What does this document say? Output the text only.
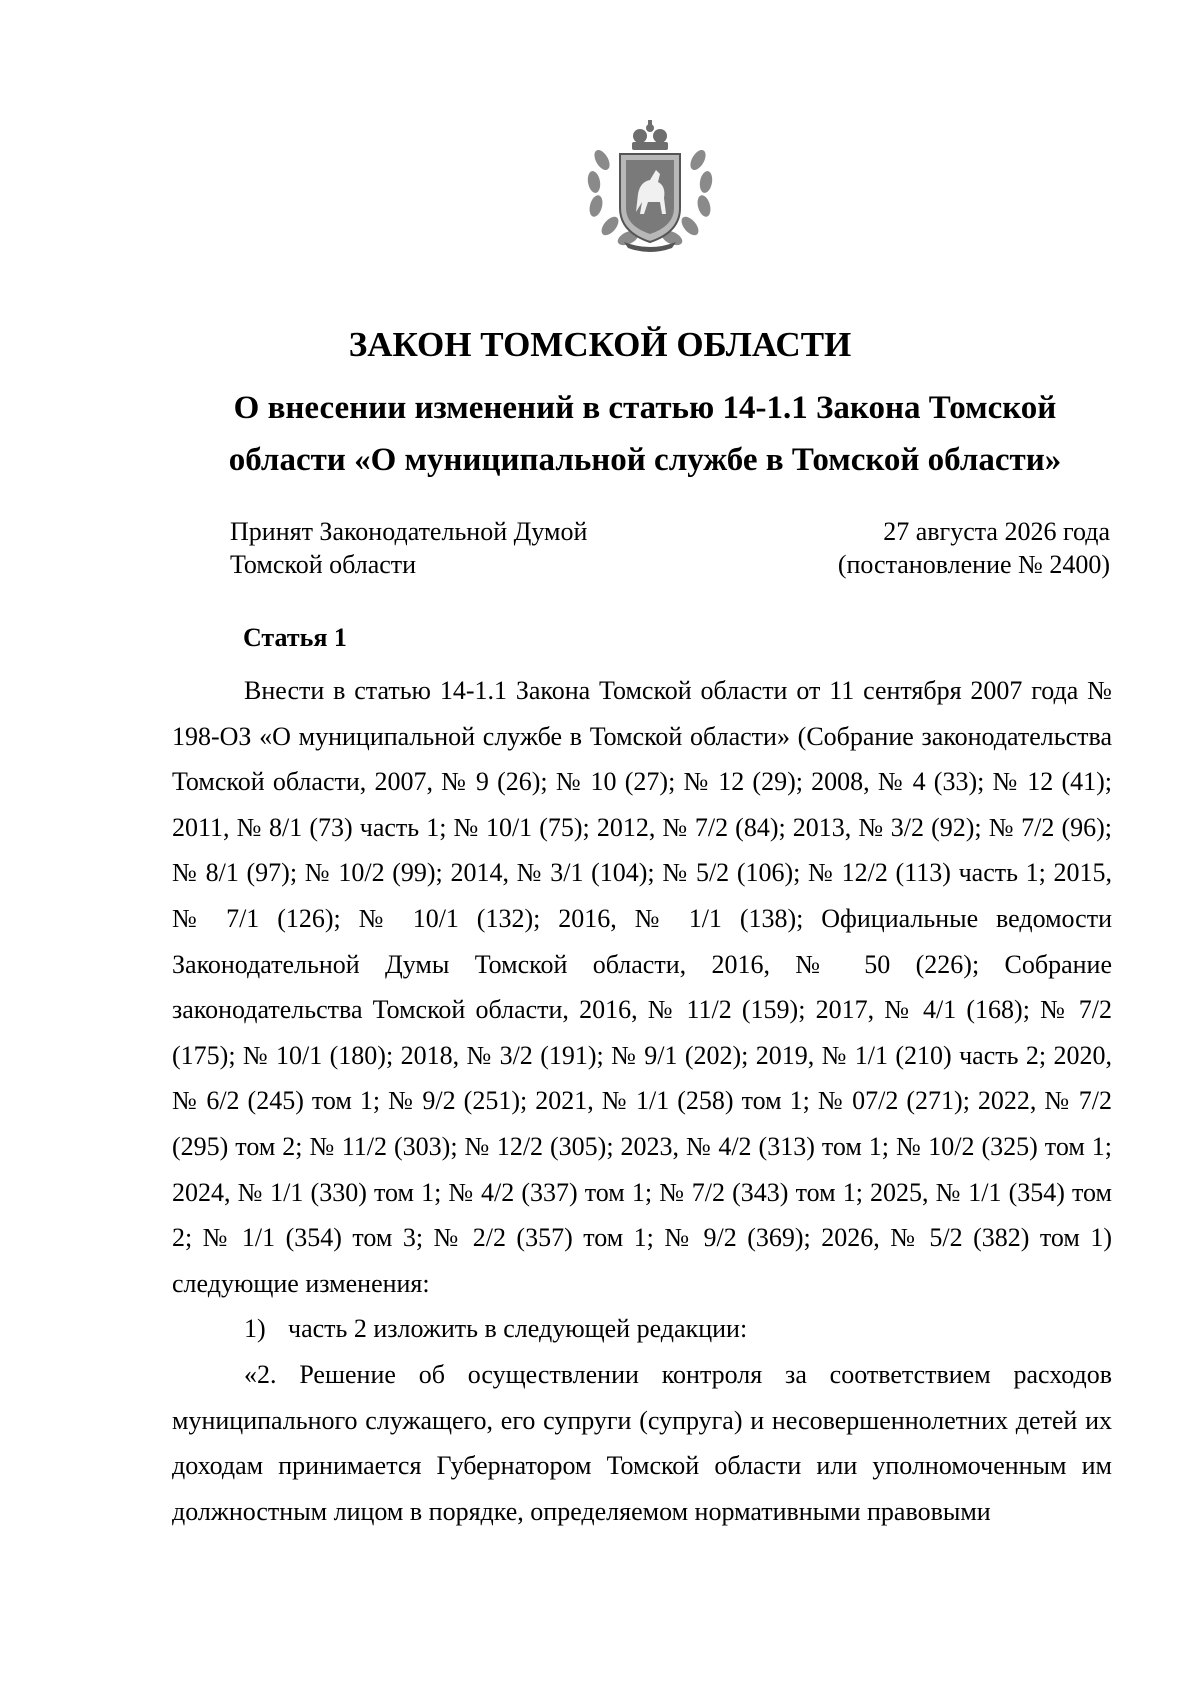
ЗАКОН ТОМСКОЙ ОБЛАСТИ
О внесении изменений в статью 14-1.1 Закона Томской
области «О муниципальной службе в Томской области»
Принят Законодательной Думой
Томской области
27 августа 2026 года
(постановление № 2400)
Статья 1

Внести в статью 14-1.1 Закона Томской области от 11 сентября 2007 года № 198-ОЗ «О муниципальной службе в Томской области» (Собрание законодательства Томской области, 2007, № 9 (26); № 10 (27); № 12 (29); 2008, № 4 (33); № 12 (41); 2011, № 8/1 (73) часть 1; № 10/1 (75); 2012, № 7/2 (84); 2013, № 3/2 (92); № 7/2 (96); № 8/1 (97); № 10/2 (99); 2014, № 3/1 (104); № 5/2 (106); № 12/2 (113) часть 1; 2015, № 7/1 (126); № 10/1 (132); 2016, № 1/1 (138); Официальные ведомости Законодательной Думы Томской области, 2016, № 50 (226); Собрание законодательства Томской области, 2016, № 11/2 (159); 2017, № 4/1 (168); № 7/2 (175); № 10/1 (180); 2018, № 3/2 (191); № 9/1 (202); 2019, № 1/1 (210) часть 2; 2020, № 6/2 (245) том 1; № 9/2 (251); 2021, № 1/1 (258) том 1; № 07/2 (271); 2022, № 7/2 (295) том 2; № 11/2 (303); № 12/2 (305); 2023, № 4/2 (313) том 1; № 10/2 (325) том 1; 2024, № 1/1 (330) том 1; № 4/2 (337) том 1; № 7/2 (343) том 1; 2025, № 1/1 (354) том 2; № 1/1 (354) том 3; № 2/2 (357) том 1; № 9/2 (369); 2026, № 5/2 (382) том 1) следующие изменения:

1) часть 2 изложить в следующей редакции:

«2. Решение об осуществлении контроля за соответствием расходов муниципального служащего, его супруги (супруга) и несовершеннолетних детей их доходам принимается Губернатором Томской области или уполномоченным им должностным лицом в порядке, определяемом нормативными правовыми
